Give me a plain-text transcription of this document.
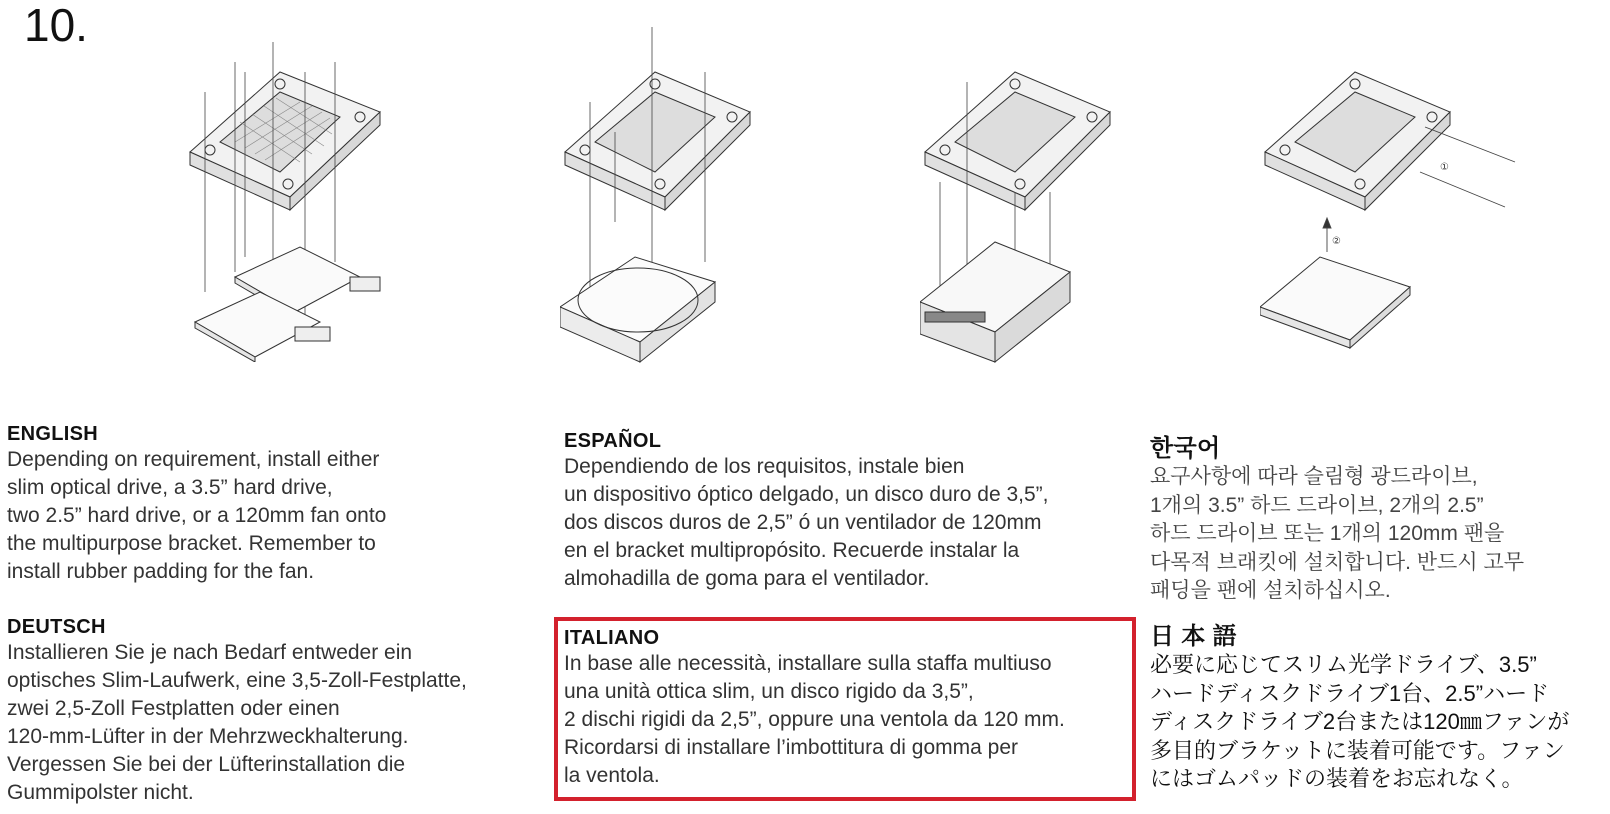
10.
①
②
ENGLISH
Depending on requirement, install either
slim optical drive, a 3.5” hard drive,
two 2.5” hard drive, or a 120mm fan onto
the multipurpose bracket. Remember to
install rubber padding for the fan.
DEUTSCH
Installieren Sie je nach Bedarf entweder ein
optisches Slim-Laufwerk, eine 3,5-Zoll-Festplatte,
zwei 2,5-Zoll Festplatten oder einen
120-mm-Lüfter in der Mehrzweckhalterung.
Vergessen Sie bei der Lüfterinstallation die
Gummipolster nicht.
ESPAÑOL
Dependiendo de los requisitos, instale bien
un dispositivo óptico delgado, un disco duro de 3,5”,
dos discos duros de 2,5” ó un ventilador de 120mm
en el bracket multipropósito. Recuerde instalar la
almohadilla de goma para el ventilador.
ITALIANO
In base alle necessità, installare sulla staffa multiuso
una unità ottica slim, un disco rigido da 3,5”,
2 dischi rigidi da 2,5”, oppure una ventola da 120 mm.
Ricordarsi di installare l’imbottitura di gomma per
la ventola.
한국어
요구사항에 따라 슬림형 광드라이브,
1개의 3.5” 하드 드라이브, 2개의 2.5”
하드 드라이브 또는 1개의 120mm 팬을
다목적 브래킷에 설치합니다. 반드시 고무
패딩을 팬에 설치하십시오.
日 本 語
必要に応じてスリム光学ドライブ、3.5”
ハードディスクドライブ1台、2.5”ハード
ディスクドライブ2台または120㎜ファンが
多目的ブラケットに装着可能です。ファン
にはゴムパッドの装着をお忘れなく。
